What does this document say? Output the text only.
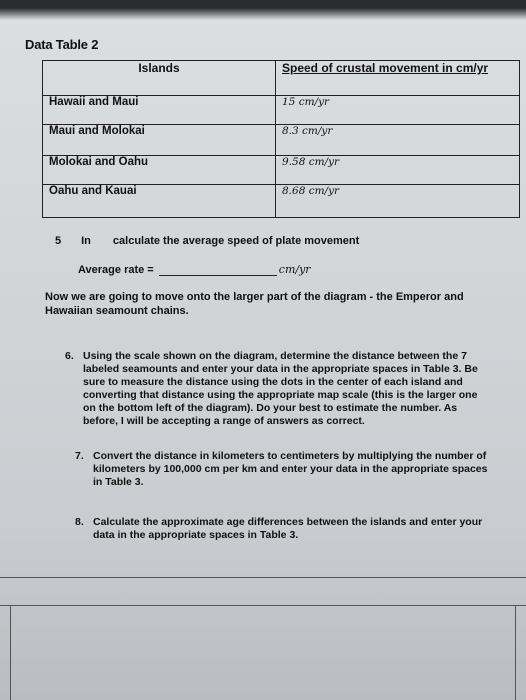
Data Table 2
Islands	Speed of crustal movement in cm/yr
Hawaii and Maui	15 cm/yr
Maui and Molokai	8.3 cm/yr
Molokai and Oahu	9.58 cm/yr
Oahu and Kauai	8.68 cm/yr
5 In calculate the average speed of plate movement
Average rate =	cm/yr
Now we are going to move onto the larger part of the diagram - the Emperor and Hawaiian seamount chains.
6. Using the scale shown on the diagram, determine the distance between the 7 labeled seamounts and enter your data in the appropriate spaces in Table 3. Be sure to measure the distance using the dots in the center of each island and converting that distance using the appropriate map scale (this is the larger one on the bottom left of the diagram). Do your best to estimate the number. As before, I will be accepting a range of answers as correct.
7. Convert the distance in kilometers to centimeters by multiplying the number of kilometers by 100,000 cm per km and enter your data in the appropriate spaces in Table 3.
8. Calculate the approximate age differences between the islands and enter your data in the appropriate spaces in Table 3.
